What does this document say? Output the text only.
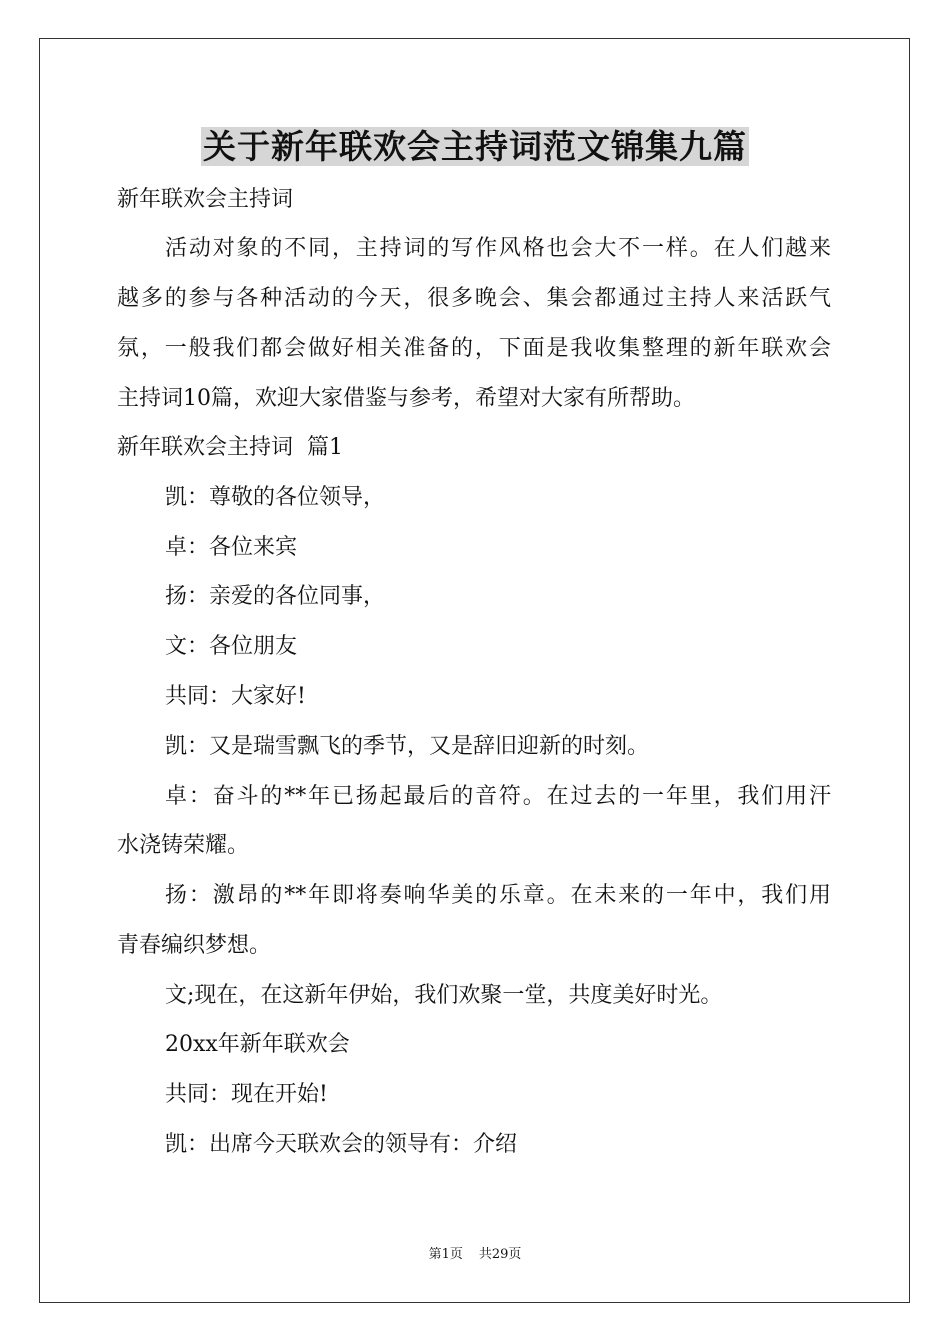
关于新年联欢会主持词范文锦集九篇
新年联欢会主持词
活动对象的不同，主持词的写作风格也会大不一样。在人们越来
越多的参与各种活动的今天，很多晚会、集会都通过主持人来活跃气
氛，一般我们都会做好相关准备的，下面是我收集整理的新年联欢会
主持词10篇，欢迎大家借鉴与参考，希望对大家有所帮助。
新年联欢会主持词  篇1
凯：尊敬的各位领导，
卓：各位来宾
扬：亲爱的各位同事，
文：各位朋友
共同：大家好!
凯：又是瑞雪飘飞的季节，又是辞旧迎新的时刻。
卓：奋斗的**年已扬起最后的音符。在过去的一年里，我们用汗
水浇铸荣耀。
扬：激昂的**年即将奏响华美的乐章。在未来的一年中，我们用
青春编织梦想。
文;现在，在这新年伊始，我们欢聚一堂，共度美好时光。
20xx年新年联欢会
共同：现在开始!
凯：出席今天联欢会的领导有：介绍
第1页 共29页
